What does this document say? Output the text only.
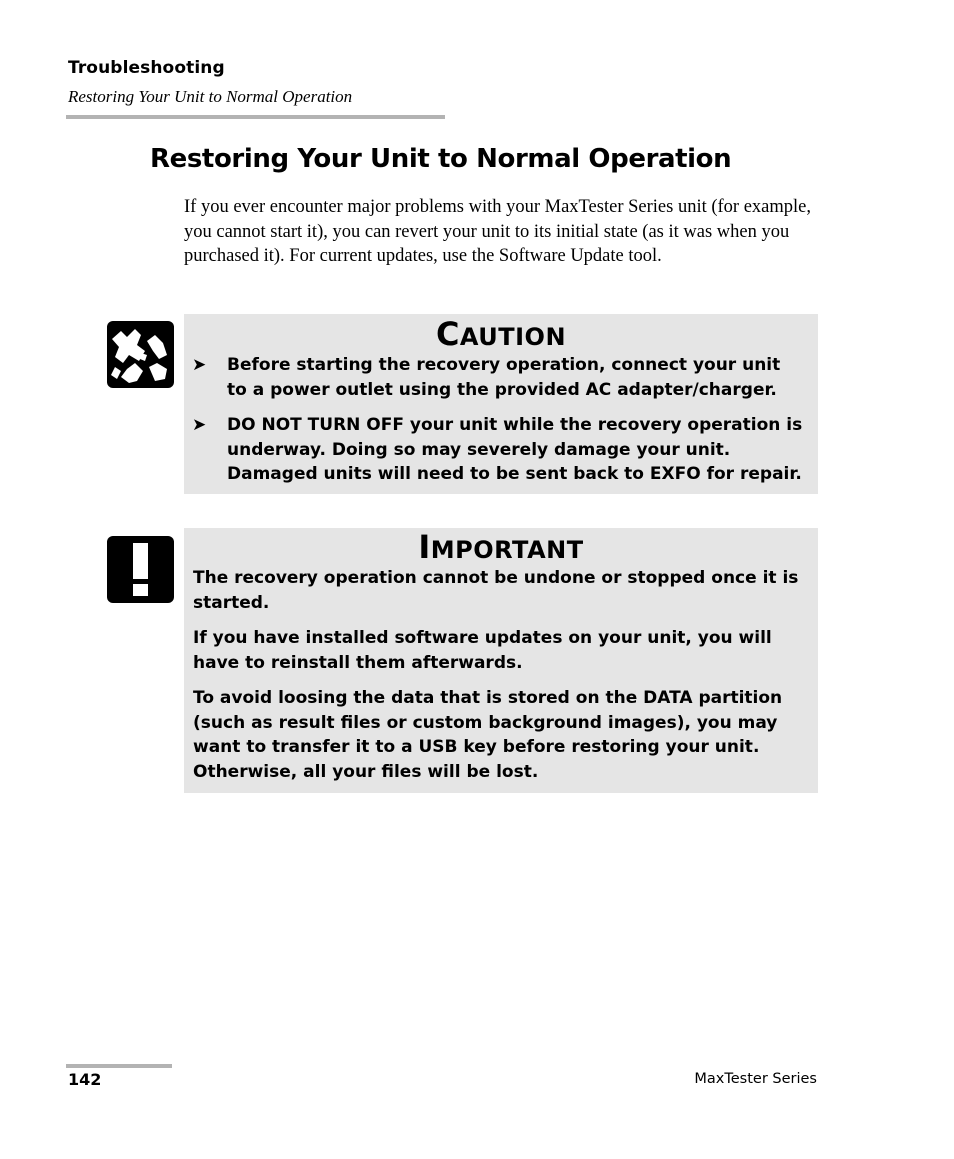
Troubleshooting
Restoring Your Unit to Normal Operation
Restoring Your Unit to Normal Operation

If you ever encounter major problems with your MaxTester Series unit (for example, you cannot start it), you can revert your unit to its initial state (as it was when you purchased it). For current updates, use the Software Update tool.

CAUTION
➤ Before starting the recovery operation, connect your unit to a power outlet using the provided AC adapter/charger.
➤ DO NOT TURN OFF your unit while the recovery operation is underway. Doing so may severely damage your unit. Damaged units will need to be sent back to EXFO for repair.
IMPORTANT

The recovery operation cannot be undone or stopped once it is started.

If you have installed software updates on your unit, you will have to reinstall them afterwards.

To avoid loosing the data that is stored on the DATA partition (such as result files or custom background images), you may want to transfer it to a USB key before restoring your unit. Otherwise, all your files will be lost.

142	MaxTester Series
